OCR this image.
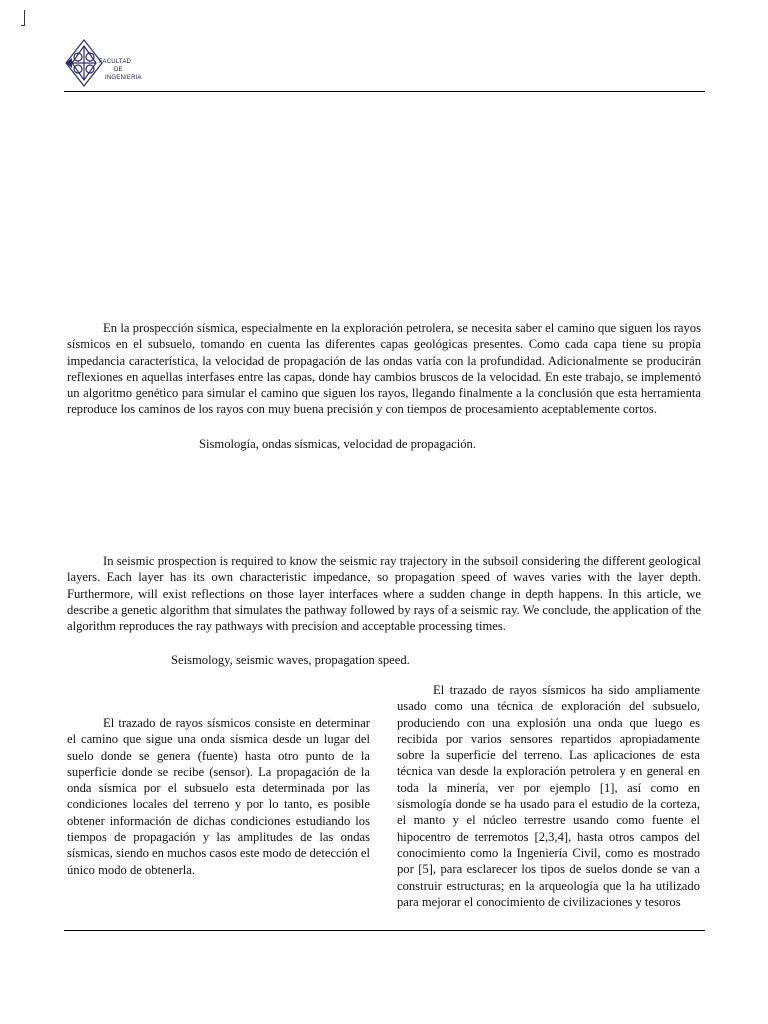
FACULTAD
DE
INGENIERIA

En la prospección sísmica, especialmente en la exploración petrolera, se necesita saber el camino que siguen los rayos sísmicos en el subsuelo, tomando en cuenta las diferentes capas geológicas presentes. Como cada capa tiene su propia impedancia característica, la velocidad de propagación de las ondas varía con la profundidad. Adicionalmente se producirán reflexiones en aquellas interfases entre las capas, donde hay cambios bruscos de la velocidad. En este trabajo, se implementó un algoritmo genético para simular el camino que siguen los rayos, llegando finalmente a la conclusión que esta herramienta reproduce los caminos de los rayos con muy buena precisión y con tiempos de procesamiento aceptablemente cortos.

Sismología, ondas sísmicas, velocidad de propagación.

In seismic prospection is required to know the seismic ray trajectory in the subsoil considering the different geological layers. Each layer has its own characteristic impedance, so propagation speed of waves varies with the layer depth. Furthermore, will exist reflections on those layer interfaces where a sudden change in depth happens. In this article, we describe a genetic algorithm that simulates the pathway followed by rays of a seismic ray. We conclude, the application of the algorithm reproduces the ray pathways with precision and acceptable processing times.

Seismology, seismic waves, propagation speed.

El trazado de rayos sísmicos consiste en determinar el camino que sigue una onda sísmica desde un lugar del suelo donde se genera (fuente) hasta otro punto de la superficie donde se recibe (sensor). La propagación de la onda sísmica por el subsuelo esta determinada por las condiciones locales del terreno y por lo tanto, es posible obtener información de dichas condiciones estudiando los tiempos de propagación y las amplitudes de las ondas sísmicas, siendo en muchos casos este modo de detección el único modo de obtenerla.

El trazado de rayos sísmicos ha sido ampliamente usado como una técnica de exploración del subsuelo, produciendo con una explosión una onda que luego es recibida por varios sensores repartidos apropiadamente sobre la superficie del terreno. Las aplicaciones de esta técnica van desde la exploración petrolera y en general en toda la minería, ver por ejemplo [1], así como en sismología donde se ha usado para el estudio de la corteza, el manto y el núcleo terrestre usando como fuente el hipocentro de terremotos [2,3,4], hasta otros campos del conocimiento como la Ingeniería Civil, como es mostrado por [5], para esclarecer los tipos de suelos donde se van a construir estructuras; en la arqueología que la ha utilizado para mejorar el conocimiento de civilizaciones y tesoros
